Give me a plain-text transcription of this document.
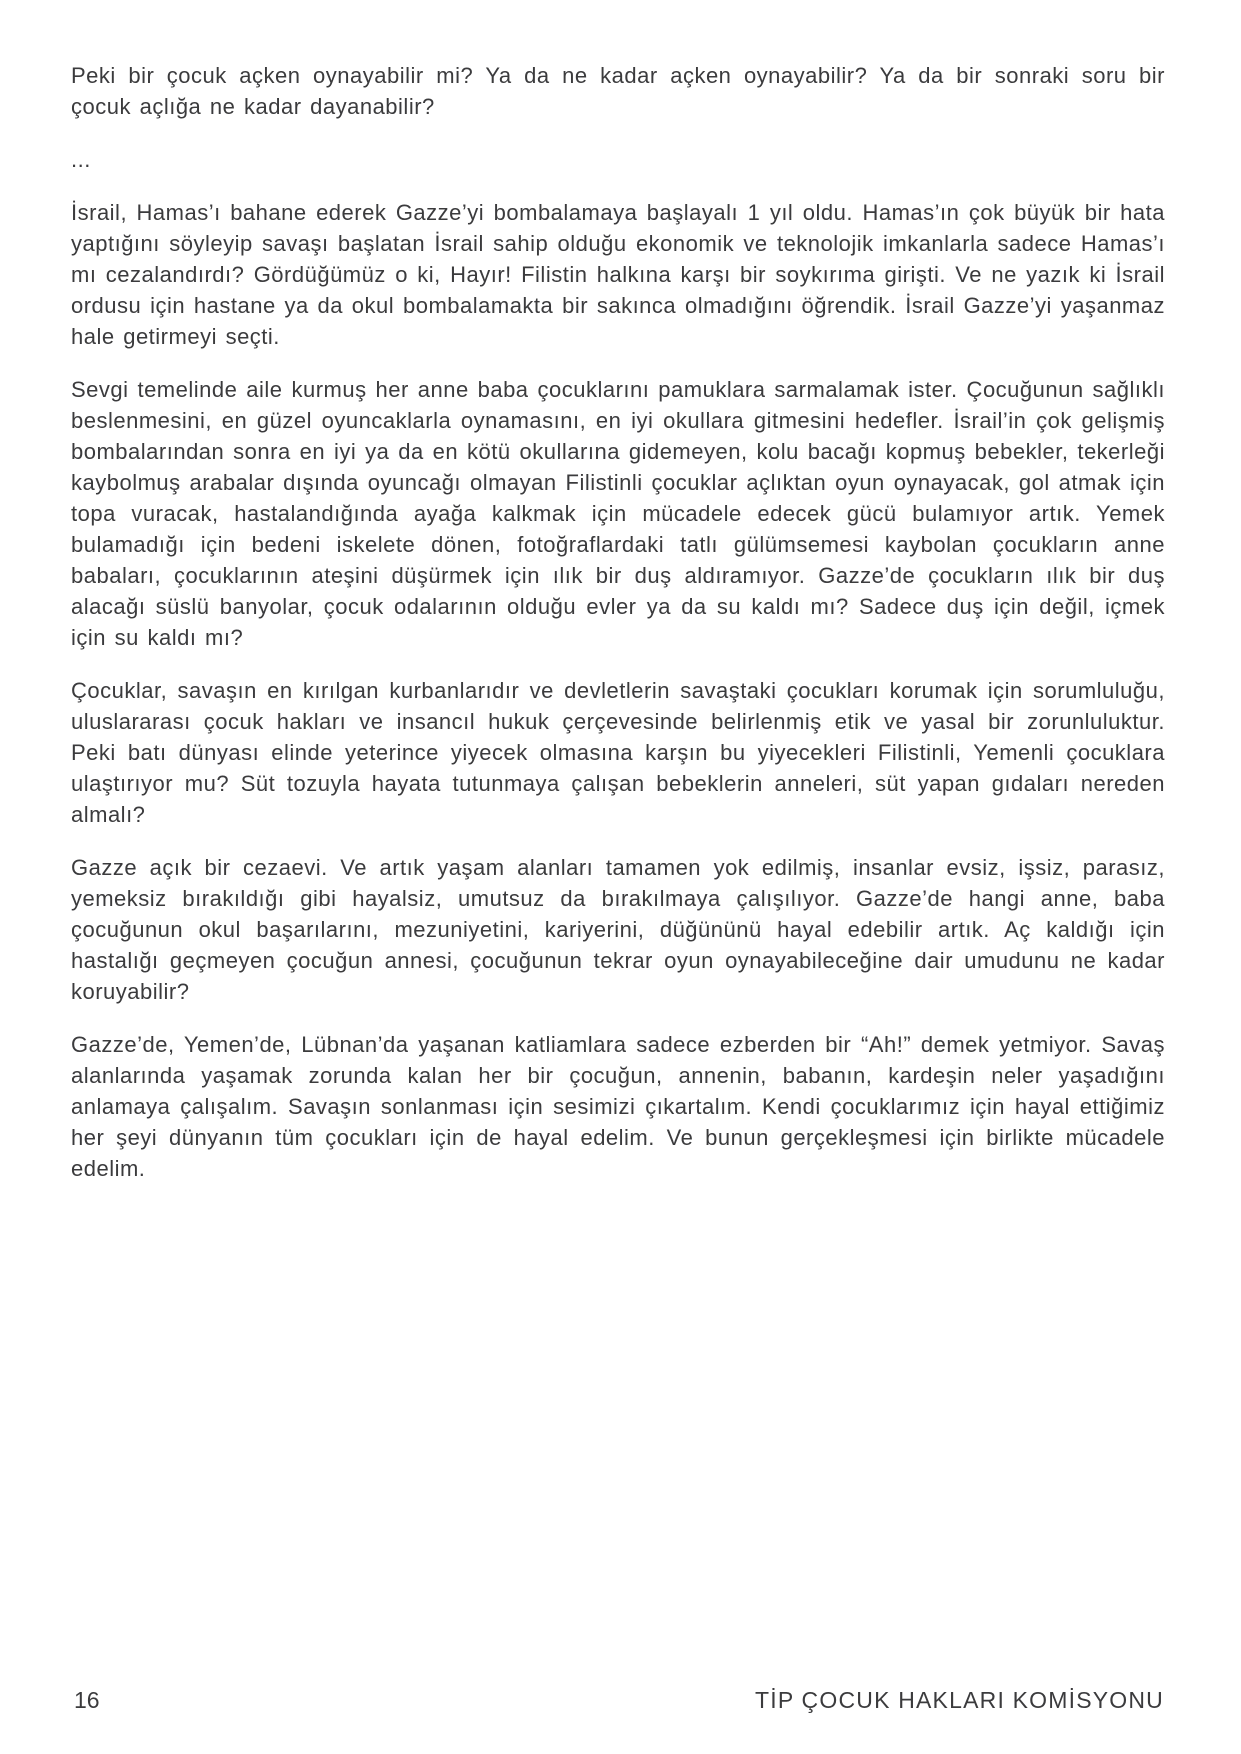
Peki bir çocuk açken oynayabilir mi? Ya da ne kadar açken oynayabilir? Ya da bir sonraki soru bir çocuk açlığa ne kadar dayanabilir?

...

İsrail, Hamas’ı bahane ederek Gazze’yi bombalamaya başlayalı 1 yıl oldu. Hamas’ın çok büyük bir hata yaptığını söyleyip savaşı başlatan İsrail sahip olduğu ekonomik ve teknolojik imkanlarla sadece Hamas’ı mı cezalandırdı? Gördüğümüz o ki, Hayır! Filistin halkına karşı bir soykırıma girişti. Ve ne yazık ki İsrail ordusu için hastane ya da okul bombalamakta bir sakınca olmadığını öğrendik. İsrail Gazze’yi yaşanmaz hale getirmeyi seçti.

Sevgi temelinde aile kurmuş her anne baba çocuklarını pamuklara sarmalamak ister. Çocuğunun sağlıklı beslenmesini, en güzel oyuncaklarla oynamasını, en iyi okullara gitmesini hedefler. İsrail’in çok gelişmiş bombalarından sonra en iyi ya da en kötü okullarına gidemeyen, kolu bacağı kopmuş bebekler, tekerleği kaybolmuş arabalar dışında oyuncağı olmayan Filistinli çocuklar açlıktan oyun oynayacak, gol atmak için topa vuracak, hastalandığında ayağa kalkmak için mücadele edecek gücü bulamıyor artık. Yemek bulamadığı için bedeni iskelete dönen, fotoğraflardaki tatlı gülümsemesi kaybolan çocukların anne babaları, çocuklarının ateşini düşürmek için ılık bir duş aldıramıyor. Gazze’de çocukların ılık bir duş alacağı süslü banyolar, çocuk odalarının olduğu evler ya da su kaldı mı? Sadece duş için değil, içmek için su kaldı mı?

Çocuklar, savaşın en kırılgan kurbanlarıdır ve devletlerin savaştaki çocukları korumak için sorumluluğu, uluslararası çocuk hakları ve insancıl hukuk çerçevesinde belirlenmiş etik ve yasal bir zorunluluktur. Peki batı dünyası elinde yeterince yiyecek olmasına karşın bu yiyecekleri Filistinli, Yemenli çocuklara ulaştırıyor mu? Süt tozuyla hayata tutunmaya çalışan bebeklerin anneleri, süt yapan gıdaları nereden almalı?

Gazze açık bir cezaevi. Ve artık yaşam alanları tamamen yok edilmiş, insanlar evsiz, işsiz, parasız, yemeksiz bırakıldığı gibi hayalsiz, umutsuz da bırakılmaya çalışılıyor. Gazze’de hangi anne, baba çocuğunun okul başarılarını, mezuniyetini, kariyerini, düğününü hayal edebilir artık. Aç kaldığı için hastalığı geçmeyen çocuğun annesi, çocuğunun tekrar oyun oynayabileceğine dair umudunu ne kadar koruyabilir?

Gazze’de, Yemen’de, Lübnan’da yaşanan katliamlara sadece ezberden bir “Ah!” demek yetmiyor. Savaş alanlarında yaşamak zorunda kalan her bir çocuğun, annenin, babanın, kardeşin neler yaşadığını anlamaya çalışalım. Savaşın sonlanması için sesimizi çıkartalım. Kendi çocuklarımız için hayal ettiğimiz her şeyi dünyanın tüm çocukları için de hayal edelim. Ve bunun gerçekleşmesi için birlikte mücadele edelim.

16	TİP ÇOCUK HAKLARI KOMİSYONU
